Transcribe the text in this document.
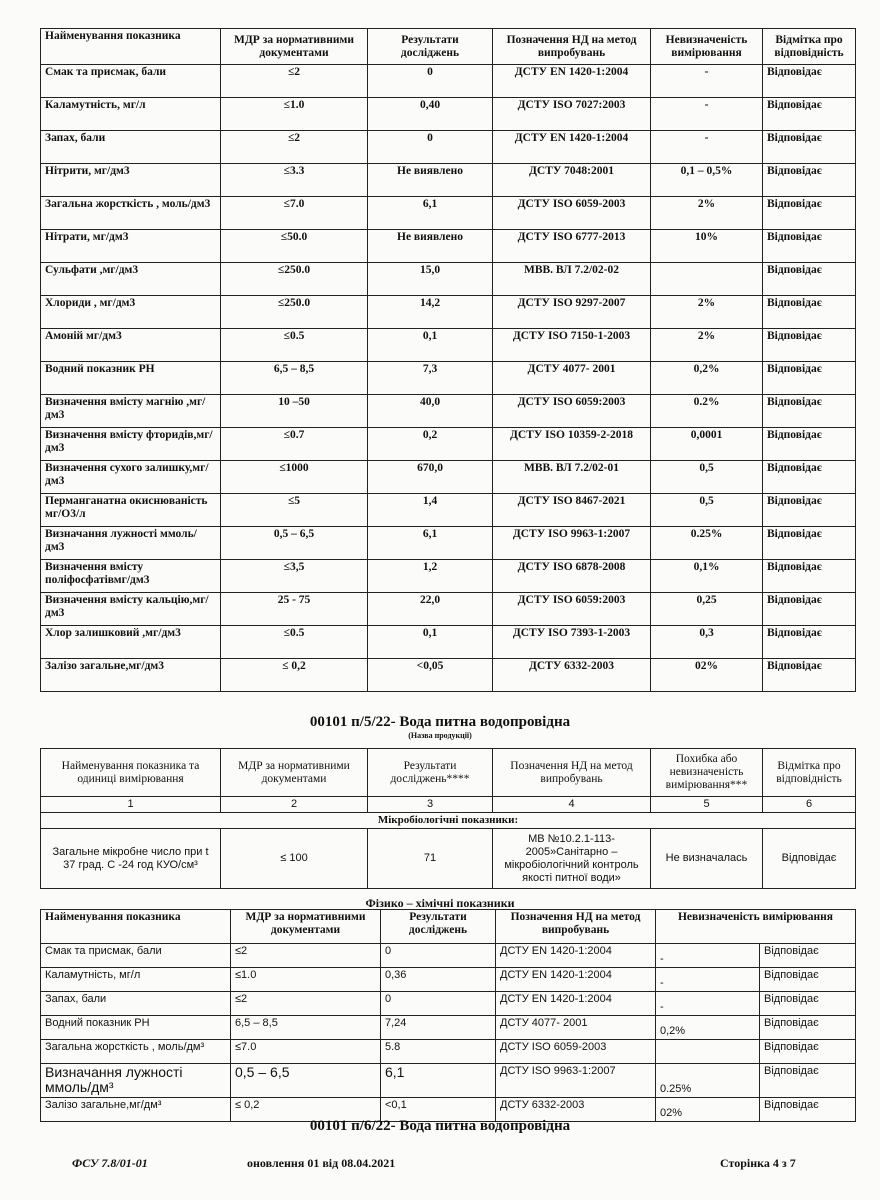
Найменування показника	МДР за нормативними документами	Результати досліджень	Позначення НД на метод випробувань	Невизначеність вимірювання	Відмітка про відповідність
Смак та присмак, бали	≤2	0	ДСТУ EN 1420-1:2004	-	Відповідає
Каламутність, мг/л	≤1.0	0,40	ДСТУ ISO 7027:2003	-	Відповідає
Запах, бали	≤2	0	ДСТУ EN 1420-1:2004	-	Відповідає
Нітрити, мг/дм3	≤3.3	Не виявлено	ДСТУ 7048:2001	0,1 – 0,5%	Відповідає
Загальна жорсткість , моль/дм3	≤7.0	6,1	ДСТУ ISO 6059-2003	2%	Відповідає
Нітрати, мг/дм3	≤50.0	Не виявлено	ДСТУ ISO 6777-2013	10%	Відповідає
Сульфати ,мг/дм3	≤250.0	15,0	МВВ. ВЛ 7.2/02-02		Відповідає
Хлориди , мг/дм3	≤250.0	14,2	ДСТУ ISO 9297-2007	2%	Відповідає
Амоній мг/дм3	≤0.5	0,1	ДСТУ ISO 7150-1-2003	2%	Відповідає
Водний показник РН	6,5 – 8,5	7,3	ДСТУ 4077- 2001	0,2%	Відповідає
Визначення вмісту магнію ,мг/дм3	10 –50	40,0	ДСТУ ISO 6059:2003	0.2%	Відповідає
Визначення вмісту фторидів,мг/дм3	≤0.7	0,2	ДСТУ ISO 10359-2-2018	0,0001	Відповідає
Визначення сухого залишку,мг/дм3	≤1000	670,0	МВВ. ВЛ 7.2/02-01	0,5	Відповідає
Перманганатна окиснюваність мг/О3/л	≤5	1,4	ДСТУ ISO 8467-2021	0,5	Відповідає
Визначання лужності ммоль/дм3	0,5 – 6,5	6,1	ДСТУ ISO 9963-1:2007	0.25%	Відповідає
Визначення вмісту поліфосфатівмг/дм3	≤3,5	1,2	ДСТУ ISO 6878-2008	0,1%	Відповідає
Визначення вмісту кальцію,мг/дм3	25 - 75	22,0	ДСТУ ISO 6059:2003	0,25	Відповідає
Хлор залишковий ,мг/дм3	≤0.5	0,1	ДСТУ ISO 7393-1-2003	0,3	Відповідає
Залізо загальне,мг/дм3	≤ 0,2	<0,05	ДСТУ 6332-2003	02%	Відповідає
00101 п/5/22- Вода питна водопровідна
(Назва продукції)
Найменування показника та одиниці вимірювання	МДР за нормативними документами	Результати досліджень****	Позначення НД на метод випробувань	Похибка або невизначеність вимірювання***	Відмітка про відповідність
1	2	3	4	5	6
Мікробіологічні показники:					
Загальне мікробне число при t 37 град. С -24 год КУО/см³	≤ 100	71	МВ №10.2.1-113-2005»Санітарно – мікробіологічний контроль якості питної води»	Не визначалась	Відповідає
Фізико – хімічні показники
Найменування показника	МДР за нормативними документами	Результати досліджень	Позначення НД на метод випробувань	Невизначеність вимірювання	
Смак та присмак, бали	≤2	0	ДСТУ EN 1420-1:2004	-	Відповідає
Каламутність, мг/л	≤1.0	0,36	ДСТУ EN 1420-1:2004	-	Відповідає
Запах, бали	≤2	0	ДСТУ EN 1420-1:2004	-	Відповідає
Водний показник РН	6,5 – 8,5	7,24	ДСТУ 4077- 2001	0,2%	Відповідає
Загальна жорсткість , моль/дм³	≤7.0	5.8	ДСТУ ISO 6059-2003		Відповідає
Визначання лужності ммоль/дм³	0,5 – 6,5	6,1	ДСТУ ISO 9963-1:2007	0.25%	Відповідає
Залізо загальне,мг/дм³	≤ 0,2	<0,1	ДСТУ 6332-2003	02%	Відповідає
00101 п/6/22- Вода питна водопровідна
ФСУ 7.8/01-01	оновлення 01 від 08.04.2021	Сторінка 4 з 7
